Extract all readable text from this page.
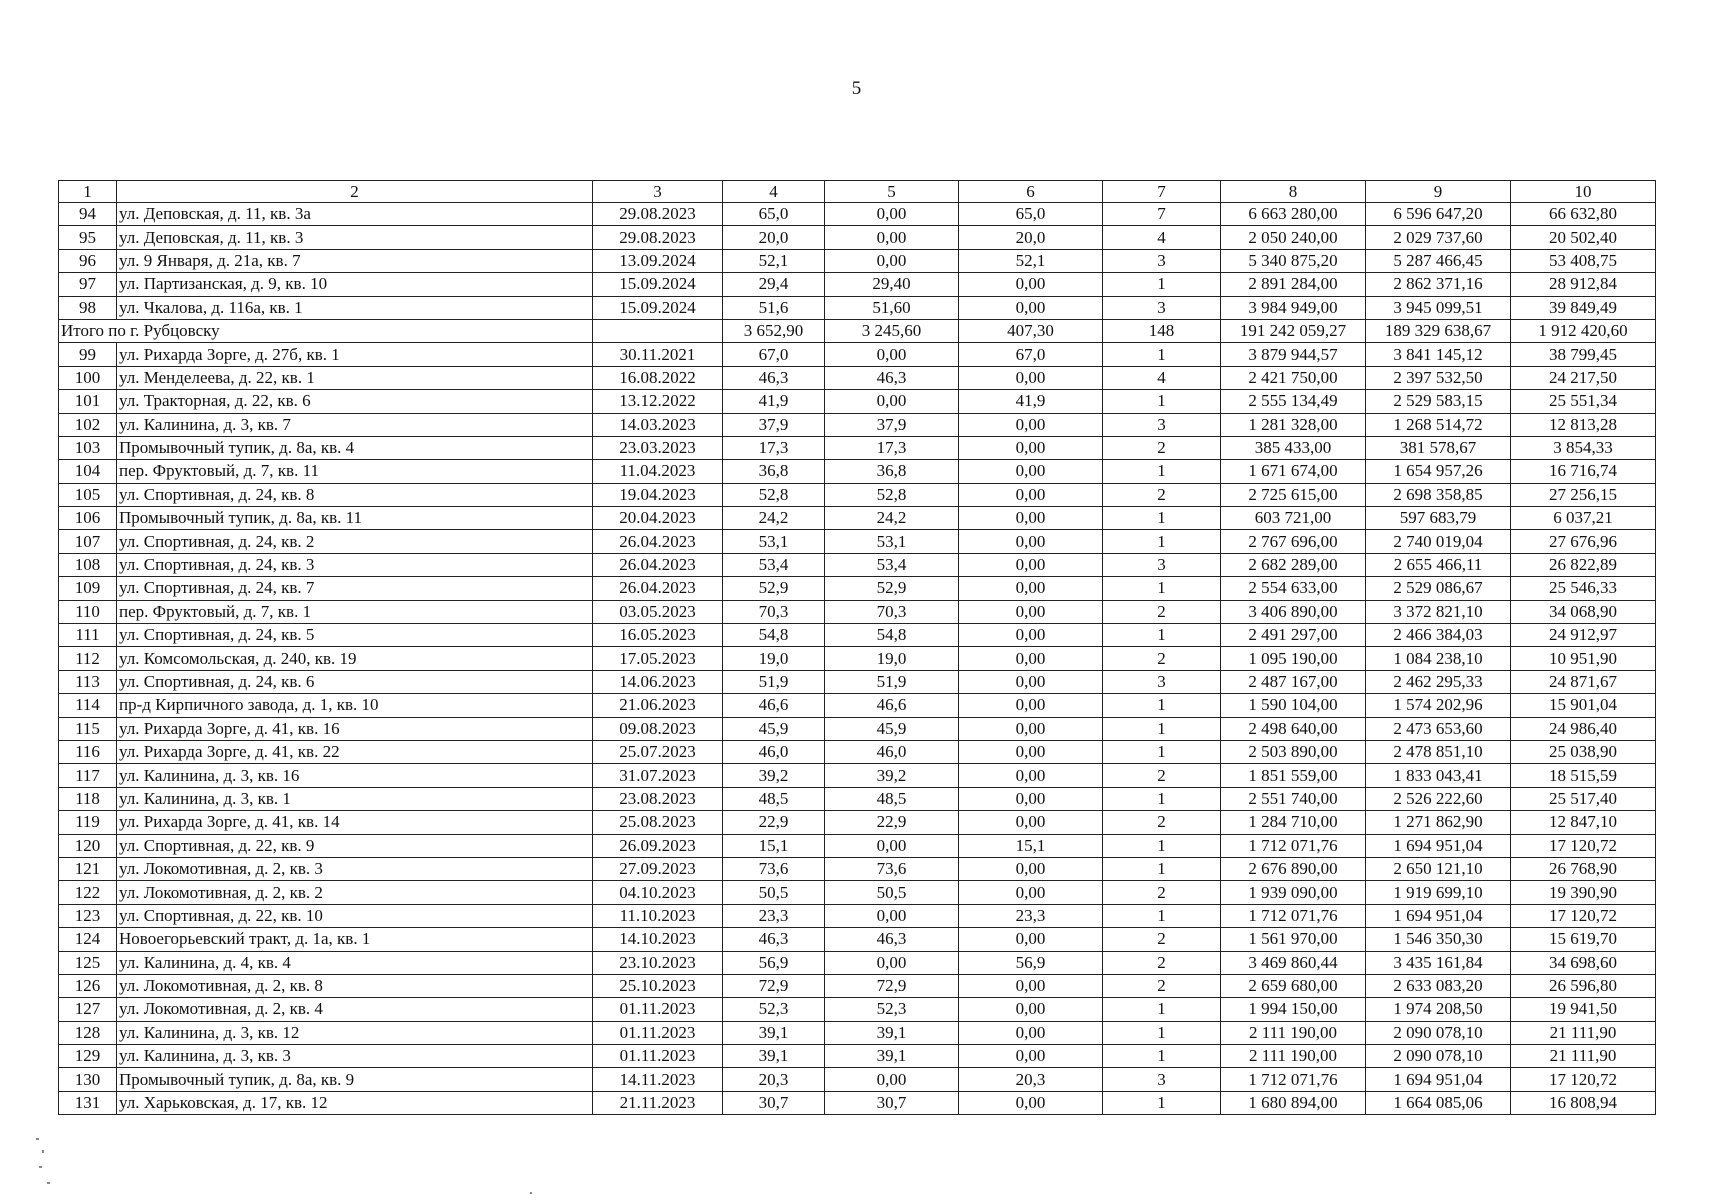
5
1	2	3	4	5	6	7	8	9	10
94	ул. Деповская, д. 11, кв. 3а	29.08.2023	65,0	0,00	65,0	7	6 663 280,00	6 596 647,20	66 632,80
95	ул. Деповская, д. 11, кв. 3	29.08.2023	20,0	0,00	20,0	4	2 050 240,00	2 029 737,60	20 502,40
96	ул. 9 Января, д. 21а, кв. 7	13.09.2024	52,1	0,00	52,1	3	5 340 875,20	5 287 466,45	53 408,75
97	ул. Партизанская, д. 9, кв. 10	15.09.2024	29,4	29,40	0,00	1	2 891 284,00	2 862 371,16	28 912,84
98	ул. Чкалова, д. 116а, кв. 1	15.09.2024	51,6	51,60	0,00	3	3 984 949,00	3 945 099,51	39 849,49
Итого по г. Рубцовску			3 652,90	3 245,60	407,30	148	191 242 059,27	189 329 638,67	1 912 420,60
99	ул. Рихарда Зорге, д. 27б, кв. 1	30.11.2021	67,0	0,00	67,0	1	3 879 944,57	3 841 145,12	38 799,45
100	ул. Менделеева, д. 22, кв. 1	16.08.2022	46,3	46,3	0,00	4	2 421 750,00	2 397 532,50	24 217,50
101	ул. Тракторная, д. 22, кв. 6	13.12.2022	41,9	0,00	41,9	1	2 555 134,49	2 529 583,15	25 551,34
102	ул. Калинина, д. 3, кв. 7	14.03.2023	37,9	37,9	0,00	3	1 281 328,00	1 268 514,72	12 813,28
103	Промывочный тупик, д. 8а, кв. 4	23.03.2023	17,3	17,3	0,00	2	385 433,00	381 578,67	3 854,33
104	пер. Фруктовый, д. 7, кв. 11	11.04.2023	36,8	36,8	0,00	1	1 671 674,00	1 654 957,26	16 716,74
105	ул. Спортивная, д. 24, кв. 8	19.04.2023	52,8	52,8	0,00	2	2 725 615,00	2 698 358,85	27 256,15
106	Промывочный тупик, д. 8а, кв. 11	20.04.2023	24,2	24,2	0,00	1	603 721,00	597 683,79	6 037,21
107	ул. Спортивная, д. 24, кв. 2	26.04.2023	53,1	53,1	0,00	1	2 767 696,00	2 740 019,04	27 676,96
108	ул. Спортивная, д. 24, кв. 3	26.04.2023	53,4	53,4	0,00	3	2 682 289,00	2 655 466,11	26 822,89
109	ул. Спортивная, д. 24, кв. 7	26.04.2023	52,9	52,9	0,00	1	2 554 633,00	2 529 086,67	25 546,33
110	пер. Фруктовый, д. 7, кв. 1	03.05.2023	70,3	70,3	0,00	2	3 406 890,00	3 372 821,10	34 068,90
111	ул. Спортивная, д. 24, кв. 5	16.05.2023	54,8	54,8	0,00	1	2 491 297,00	2 466 384,03	24 912,97
112	ул. Комсомольская, д. 240, кв. 19	17.05.2023	19,0	19,0	0,00	2	1 095 190,00	1 084 238,10	10 951,90
113	ул. Спортивная, д. 24, кв. 6	14.06.2023	51,9	51,9	0,00	3	2 487 167,00	2 462 295,33	24 871,67
114	пр-д Кирпичного завода, д. 1, кв. 10	21.06.2023	46,6	46,6	0,00	1	1 590 104,00	1 574 202,96	15 901,04
115	ул. Рихарда Зорге, д. 41, кв. 16	09.08.2023	45,9	45,9	0,00	1	2 498 640,00	2 473 653,60	24 986,40
116	ул. Рихарда Зорге, д. 41, кв. 22	25.07.2023	46,0	46,0	0,00	1	2 503 890,00	2 478 851,10	25 038,90
117	ул. Калинина, д. 3, кв. 16	31.07.2023	39,2	39,2	0,00	2	1 851 559,00	1 833 043,41	18 515,59
118	ул. Калинина, д. 3, кв. 1	23.08.2023	48,5	48,5	0,00	1	2 551 740,00	2 526 222,60	25 517,40
119	ул. Рихарда Зорге, д. 41, кв. 14	25.08.2023	22,9	22,9	0,00	2	1 284 710,00	1 271 862,90	12 847,10
120	ул. Спортивная, д. 22, кв. 9	26.09.2023	15,1	0,00	15,1	1	1 712 071,76	1 694 951,04	17 120,72
121	ул. Локомотивная, д. 2, кв. 3	27.09.2023	73,6	73,6	0,00	1	2 676 890,00	2 650 121,10	26 768,90
122	ул. Локомотивная, д. 2, кв. 2	04.10.2023	50,5	50,5	0,00	2	1 939 090,00	1 919 699,10	19 390,90
123	ул. Спортивная, д. 22, кв. 10	11.10.2023	23,3	0,00	23,3	1	1 712 071,76	1 694 951,04	17 120,72
124	Новоегорьевский тракт, д. 1а, кв. 1	14.10.2023	46,3	46,3	0,00	2	1 561 970,00	1 546 350,30	15 619,70
125	ул. Калинина, д. 4, кв. 4	23.10.2023	56,9	0,00	56,9	2	3 469 860,44	3 435 161,84	34 698,60
126	ул. Локомотивная, д. 2, кв. 8	25.10.2023	72,9	72,9	0,00	2	2 659 680,00	2 633 083,20	26 596,80
127	ул. Локомотивная, д. 2, кв. 4	01.11.2023	52,3	52,3	0,00	1	1 994 150,00	1 974 208,50	19 941,50
128	ул. Калинина, д. 3, кв. 12	01.11.2023	39,1	39,1	0,00	1	2 111 190,00	2 090 078,10	21 111,90
129	ул. Калинина, д. 3, кв. 3	01.11.2023	39,1	39,1	0,00	1	2 111 190,00	2 090 078,10	21 111,90
130	Промывочный тупик, д. 8а, кв. 9	14.11.2023	20,3	0,00	20,3	3	1 712 071,76	1 694 951,04	17 120,72
131	ул. Харьковская, д. 17, кв. 12	21.11.2023	30,7	30,7	0,00	1	1 680 894,00	1 664 085,06	16 808,94
